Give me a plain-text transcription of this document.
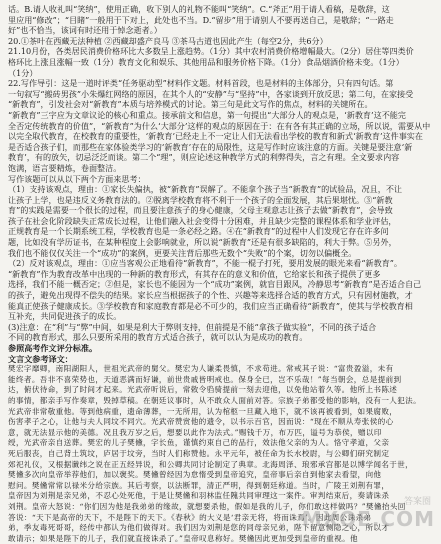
话。B.请人收礼叫“笑纳”，使用正确，收下别人的礼物不能叫“笑纳”。C.“斧正”用于请人看稿，是敬辞，这
里应用“修改”；“目睹”一般用于下对上，此处也不当。D.“留步”用于请别人不要再送自己，是敬辞；“一路走
好”也不恰当，该词有时还用于悼念逝者。）
20.①茶叶在西藏无法种植 ②西藏却盛产良马 ③茶马古道也因此产生（每空2分，共6分）
21.10月份，各类居民消费价格环比大多数呈上涨趋势。（1分）其中农村消费价格增幅最大。（2分）居住等四类价
格环比上涨且涨幅一致（1分）教育文化和娱乐、其他用品和服务价格下降。（1分）食品烟酒价格未变。（1分）
（1分）
22.写作导引：这是一道时评类“任务驱动型”材料作文题。材料首段，也是材料的主体部分，只有四句话。第
一句叙写“搬砖男孩”小朱爆红网络的原因，在其个人的“安静”与“坚持”中，各家谈到开放反思；第二句，在家接受
“新教育”，引发社会对“新教育”本质与培养模式的讨论。第三句是此文写作的焦点，材料的关键所在。
“新教育”三字应为文章议论的核心和重点。接承前文和信息，第一句提出“大部分人的观点是，‘新教育’这不能完
全否定传统教育的价值”，“新教育”为什么‘大部分’这样的观点的原因在于：在有各有其正确的立场，所以说，需要从中
以完全取代教育，在校教育的重要性，‘新教育’已经走上不一定让人们无法看出学校的教育和新式‘新教育’这件事实在
是否适合孩子们，而那些在家体验类学习的‘新教育’存在的局限性，这是写作时应该注意的方面。关键是要注意‘新
教育’，有的放矢，切忌泛泛而谈。第二个“理”，则应论述这种教学方式的利弊得失，言之有理。全文要求内容
饱满，语言要精炼，卷面整洁。
写作该题可以从以下两个方面来思考：
（1）支持该观点，理由：①家长失偏执，被“新教育”误解了。不能拿个孩子当“新教育”的试验品，况且，不让
让孩子上学，也是违反义务教育法的。②脱离学校教育将不利于一个孩子的全面发展，其后果堪忧。③“新教
育”的实践是需要一个很长的过程，而且要注意孩子的身心健康，父母主观意志让孩子去做“新教育”，会导致
孩子在社会化阶段缺失正常成长过程，让他们融入社会变得十分困难，并且缺少完整的课程体系和学业评估，
正规教育是一个长期系统工程，学校教育也是一条必经之路。④在“新教育”的过程中人们发现它存在许多问
题，比如没有学历证书，在某种程度上会影响就业，所以说“新教育”还是有很多缺陷的，利大于弊。⑤另外，
我们也不能仅仅关注一个“成功”的案例，更要关注背后那些无数个“失败”的个案，切勿以偏概全。
（2）反对该观点，理由：①应当客观公正地看待“新教育”，不能一棍子打死，要用发展的眼光来看“新教育”。
“新教育”作为教育改革中出现的一种新的教育形式，有其存在的意义和价值，它给家长和孩子提供了更多
选择，我们不能一概否定；②但是，家长也不能因为一个“成功”案例，就盲目跟风，冷静思考“新教育”是否适合自己
的孩子，避免出现得不偿失的结果。家长应当根据孩子的个性、兴趣等来选择合适的教育方式，只有因材施教，才
能真正使孩子健康成长。③学校教育和家庭教育都是必不可少的，我们应当正确看待“新教育”，使其与学校教育相
互补充，共同促进孩子的成长。
(3)注意：在“利”与“弊”中间，如果是利大于弊则支持，但前提是不能“拿孩子做实验”，不同的孩子适合
不同的教育形式，那么只要所采用的教育方式适合孩子，就可以认为是成功的教育。
参照高考作文评分标准。
文言文参考译文：
樊宏字靡卿，南阳湖阳人，世祖光武帝的舅父。樊宏为人谦柔畏慎，不求苟进。常戒其子说：“富贵盈溢，未有
能终者。吾非不喜荣势也，天道恶满而好谦，前世贵戚皆明戒也。保身全已，岂不乐哉！”每当朝会，总是提前到
达，俯伏待命，到了时间才起来。光武帝听说后，常敕令驺骑提前一刻去迎他，以免他站着久等。他所上书陈述
的事情，都亲手写作奏章，毁掉草稿。在朝廷议事时，从不敢众人面前对答。宗族子弟都受他的影响，没有一人犯法。
光武帝非常敬重他。等到他病重，遗命薄葬，一无所用，认为棺柩一旦藏入地下，就不该再被看到，如果腐败，
伤害孝子之心，让他与夫人同坟不同穴。光武帝赞赏他的遗令，以书示百官，因而说：“现在不顺从寿张侯的心
意，就无法显示他的美德。况且我万岁之后，想要以此作为法式。”赐钱千万，布万匹，谥号为恭侯，赠以印
绶，光武帝亲自送葬。樊宏的儿子樊儵，字长鱼，谨慎约束自己的品行，效法他父亲的为人。恪守孝道，父亲
死后服丧，自己背土筑坟，庐居于坟旁，当时人们称赞他。永平元年，被任命为长水校尉，与公卿们研究制定
郊祀礼仪，又根据谶纬之说在正五经异说，和公卿共同讨论制定了典章。北海周泽、琅邪承宫都是以博学闻名于世，
樊儵多次向皇帝举荐他们，加以褒奖。樊儵曾经因为怠惰受到皇帝追究，皇帝事后亲自到他家去看望，向他
慰问。樊儵常常以禄米分给宗族。其后考察，以法断罪，清正严明，得到朝廷称道。当时，广陵王刘荆有罪，
皇帝因为刘荆是亲兄弟，不忍心处死他，于是让樊儵和羽林监任隗共同审理这一案件。审判结束后，奏请诛杀
刘荆。皇帝大怒说：“你们因为他是我弟弟的缘故，就想要杀他，假如是我的儿子，你们敢这样做吗？”樊儵抬头回
答说：“天下是高帝的天下，不是陛下的天下。《春秋》的大义是‘君亲无将，将而诛焉’。因此周公诛杀弟
弟，季友毒死哥哥，经传中都认为他们做得对。我们因为刘荆是您的同母亲兄弟，陛下留意恻隐之心，所以才
敢请示；如果是陛下的儿子，我们就直接诛杀了。”皇帝叹息称好。樊儵因此更加受到皇帝的重视。他
答案圈
MXQE.COM
